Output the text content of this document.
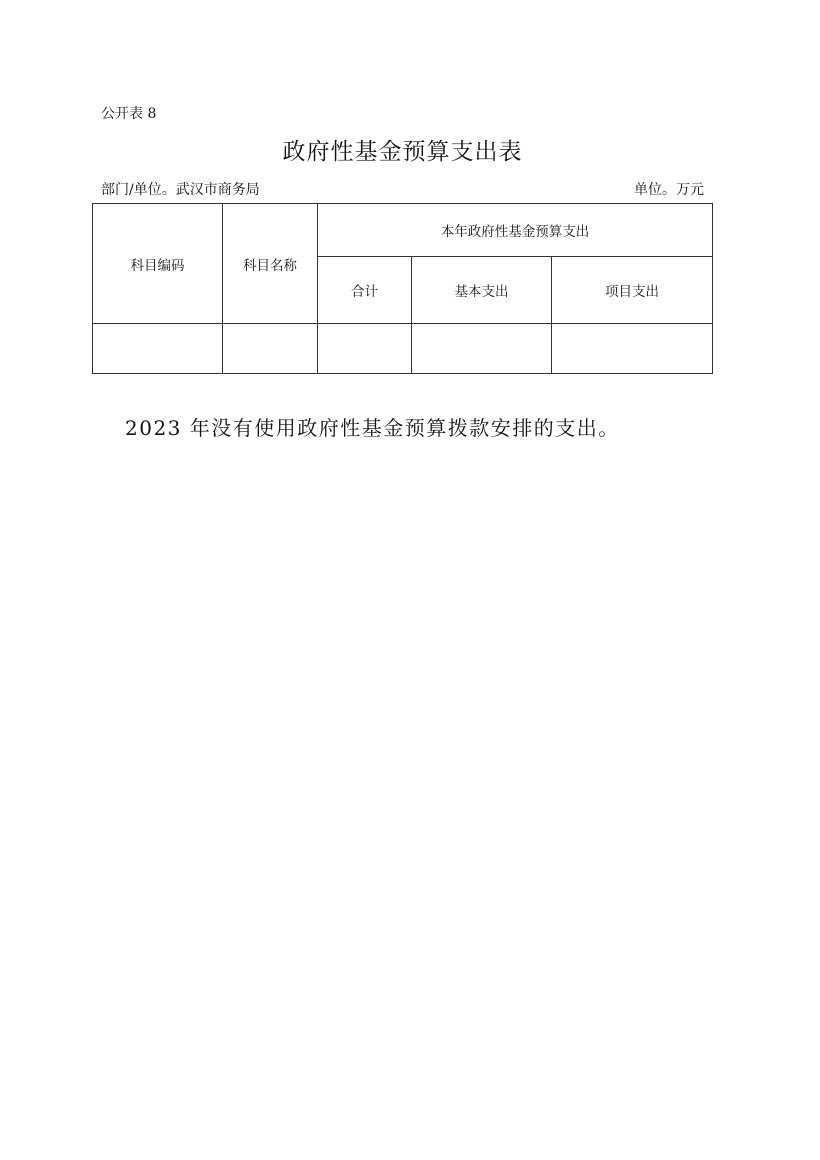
公开表 8
政府性基金预算支出表
部门/单位。武汉市商务局	单位。万元
科目编码	科目名称	本年政府性基金预算支出		
		合计	基本支出	项目支出

2023 年没有使用政府性基金预算拨款安排的支出。
